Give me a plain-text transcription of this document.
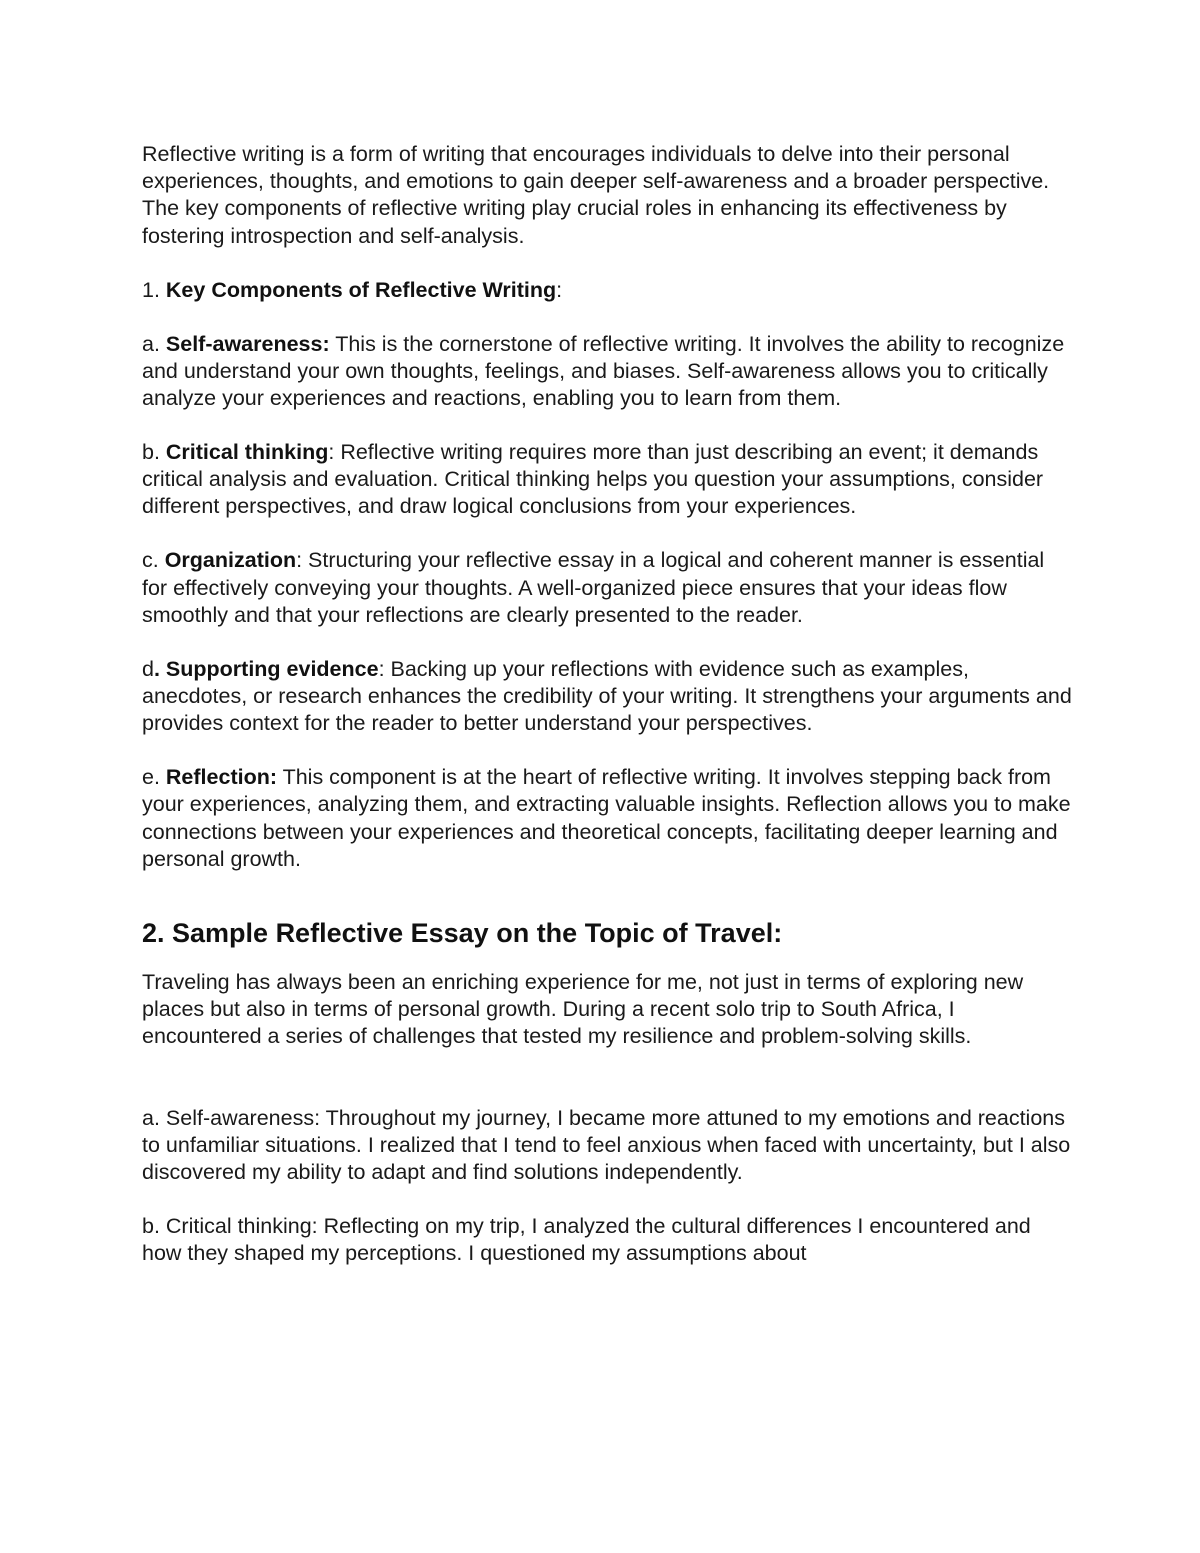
Reflective writing is a form of writing that encourages individuals to delve into their personal experiences, thoughts, and emotions to gain deeper self-awareness and a broader perspective. The key components of reflective writing play crucial roles in enhancing its effectiveness by fostering introspection and self-analysis.

1. Key Components of Reflective Writing:

a. Self-awareness: This is the cornerstone of reflective writing. It involves the ability to recognize and understand your own thoughts, feelings, and biases. Self-awareness allows you to critically analyze your experiences and reactions, enabling you to learn from them.

b. Critical thinking: Reflective writing requires more than just describing an event; it demands critical analysis and evaluation. Critical thinking helps you question your assumptions, consider different perspectives, and draw logical conclusions from your experiences.

c. Organization: Structuring your reflective essay in a logical and coherent manner is essential for effectively conveying your thoughts. A well-organized piece ensures that your ideas flow smoothly and that your reflections are clearly presented to the reader.

d. Supporting evidence: Backing up your reflections with evidence such as examples, anecdotes, or research enhances the credibility of your writing. It strengthens your arguments and provides context for the reader to better understand your perspectives.

e. Reflection: This component is at the heart of reflective writing. It involves stepping back from your experiences, analyzing them, and extracting valuable insights. Reflection allows you to make connections between your experiences and theoretical concepts, facilitating deeper learning and personal growth.

2. Sample Reflective Essay on the Topic of Travel:

Traveling has always been an enriching experience for me, not just in terms of exploring new places but also in terms of personal growth. During a recent solo trip to South Africa, I encountered a series of challenges that tested my resilience and problem-solving skills.

a. Self-awareness: Throughout my journey, I became more attuned to my emotions and reactions to unfamiliar situations. I realized that I tend to feel anxious when faced with uncertainty, but I also discovered my ability to adapt and find solutions independently.

b. Critical thinking: Reflecting on my trip, I analyzed the cultural differences I encountered and how they shaped my perceptions. I questioned my assumptions about
